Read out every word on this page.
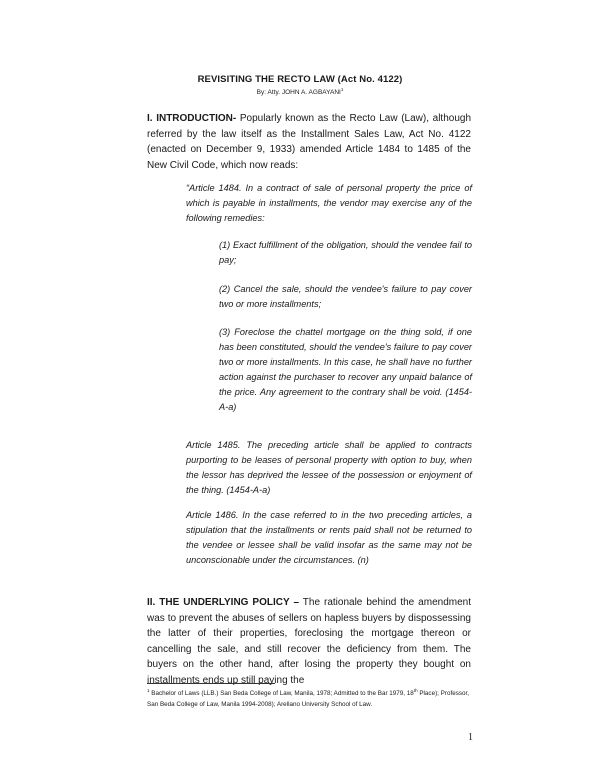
REVISITING THE RECTO LAW (Act No. 4122)
By: Atty. JOHN A. AGBAYANI$^1$
I. INTRODUCTION- Popularly known as the Recto Law (Law), although referred by the law itself as the Installment Sales Law, Act No. 4122 (enacted on December 9, 1933) amended Article 1484 to 1485 of the New Civil Code, which now reads:
“Article 1484. In a contract of sale of personal property the price of which is payable in installments, the vendor may exercise any of the following remedies:
(1) Exact fulfillment of the obligation, should the vendee fail to pay;
(2) Cancel the sale, should the vendee's failure to pay cover two or more installments;
(3) Foreclose the chattel mortgage on the thing sold, if one has been constituted, should the vendee's failure to pay cover two or more installments. In this case, he shall have no further action against the purchaser to recover any unpaid balance of the price. Any agreement to the contrary shall be void. (1454-A-a)
Article 1485. The preceding article shall be applied to contracts purporting to be leases of personal property with option to buy, when the lessor has deprived the lessee of the possession or enjoyment of the thing. (1454-A-a)
Article 1486. In the case referred to in the two preceding articles, a stipulation that the installments or rents paid shall not be returned to the vendee or lessee shall be valid insofar as the same may not be unconscionable under the circumstances. (n)
II. THE UNDERLYING POLICY – The rationale behind the amendment was to prevent the abuses of sellers on hapless buyers by dispossessing the latter of their properties, foreclosing the mortgage thereon or cancelling the sale, and still recover the deficiency from them. The buyers on the other hand, after losing the property they bought on installments ends up still paying the
$^1$ Bachelor of Laws (LLB.) San Beda College of Law, Manila, 1978; Admitted to the Bar 1979, 18th Place); Professor, San Beda College of Law, Manila 1994-2008); Arellano University School of Law.
1
